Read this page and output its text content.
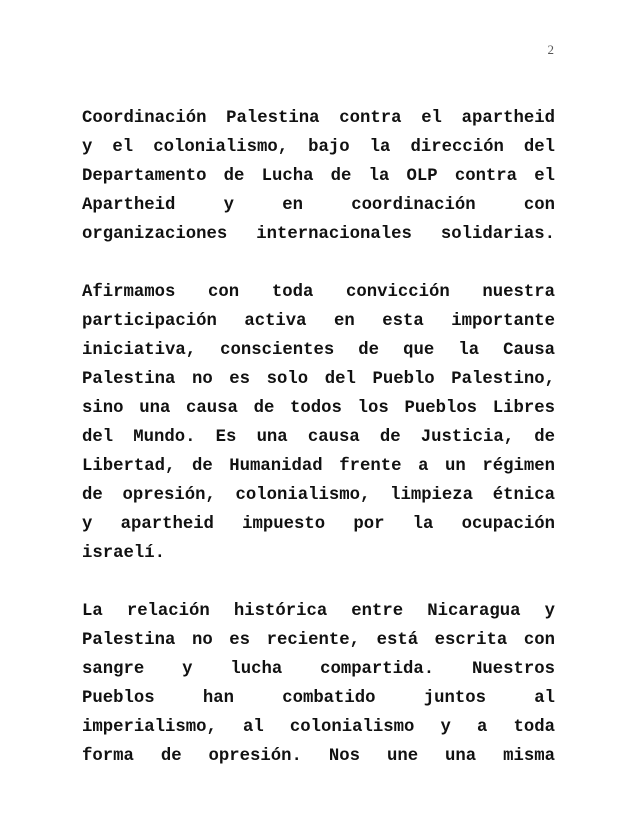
2
Coordinación Palestina contra el apartheid
y el colonialismo, bajo la dirección del
Departamento de Lucha de la OLP contra el
Apartheid y en coordinación con
organizaciones internacionales solidarias.
Afirmamos con toda convicción nuestra
participación activa en esta importante
iniciativa, conscientes de que la Causa
Palestina no es solo del Pueblo Palestino,
sino una causa de todos los Pueblos Libres
del Mundo. Es una causa de Justicia, de
Libertad, de Humanidad frente a un régimen
de opresión, colonialismo, limpieza étnica
y apartheid impuesto por la ocupación
israelí.
La relación histórica entre Nicaragua y
Palestina no es reciente, está escrita con
sangre y lucha compartida. Nuestros
Pueblos han combatido juntos al
imperialismo, al colonialismo y a toda
forma de opresión. Nos une una misma
